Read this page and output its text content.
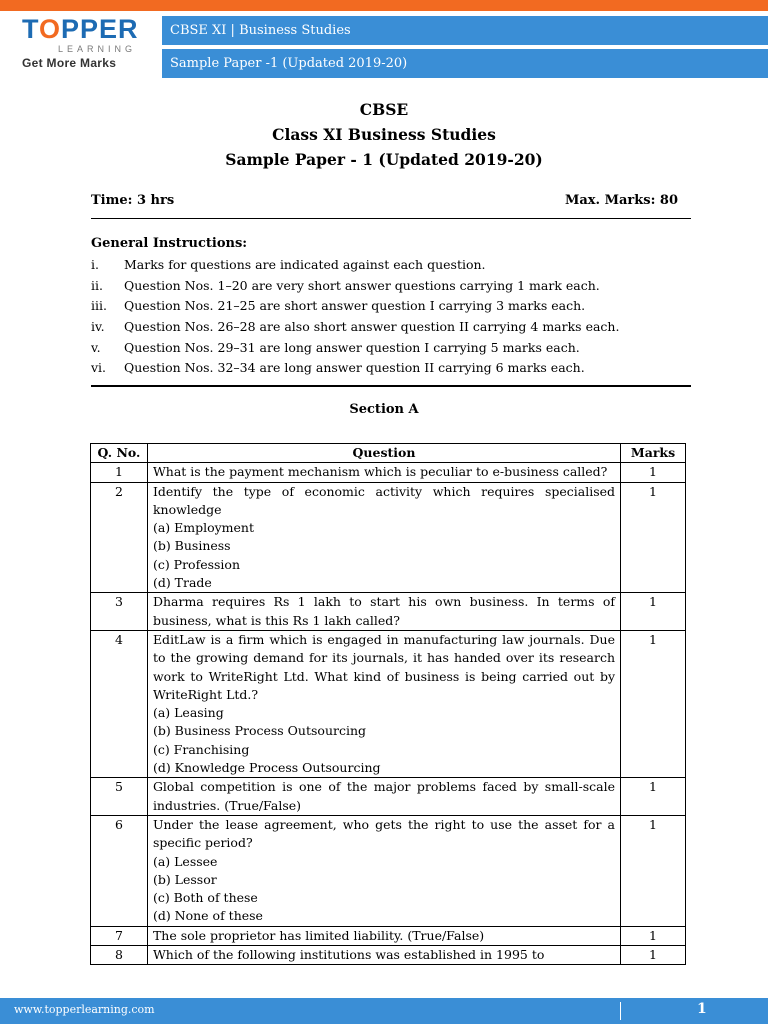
TOPPER
LEARNING
Get More Marks
CBSE XI | Business Studies
Sample Paper -1 (Updated 2019-20)
CBSE
Class XI Business Studies
Sample Paper - 1 (Updated 2019-20)
Time: 3 hrs	Max. Marks: 80
General Instructions:
i.	Marks for questions are indicated against each question.
ii.	Question Nos. 1–20 are very short answer questions carrying 1 mark each.
iii.	Question Nos. 21–25 are short answer question I carrying 3 marks each.
iv.	Question Nos. 26–28 are also short answer question II carrying 4 marks each.
v.	Question Nos. 29–31 are long answer question I carrying 5 marks each.
vi.	Question Nos. 32–34 are long answer question II carrying 6 marks each.
Section A
Q. No.	Question	Marks
1	What is the payment mechanism which is peculiar to e-business called?	1
2	Identify the type of economic activity which requires specialised knowledge
(a) Employment
(b) Business
(c) Profession
(d) Trade	1
3	Dharma requires Rs 1 lakh to start his own business. In terms of business, what is this Rs 1 lakh called?	1
4	EditLaw is a firm which is engaged in manufacturing law journals. Due to the growing demand for its journals, it has handed over its research work to WriteRight Ltd. What kind of business is being carried out by WriteRight Ltd.?
(a) Leasing
(b) Business Process Outsourcing
(c) Franchising
(d) Knowledge Process Outsourcing	1
5	Global competition is one of the major problems faced by small-scale industries. (True/False)	1
6	Under the lease agreement, who gets the right to use the asset for a specific period?
(a) Lessee
(b) Lessor
(c) Both of these
(d) None of these	1
7	The sole proprietor has limited liability. (True/False)	1
8	Which of the following institutions was established in 1995 to	1
www.topperlearning.com	1
